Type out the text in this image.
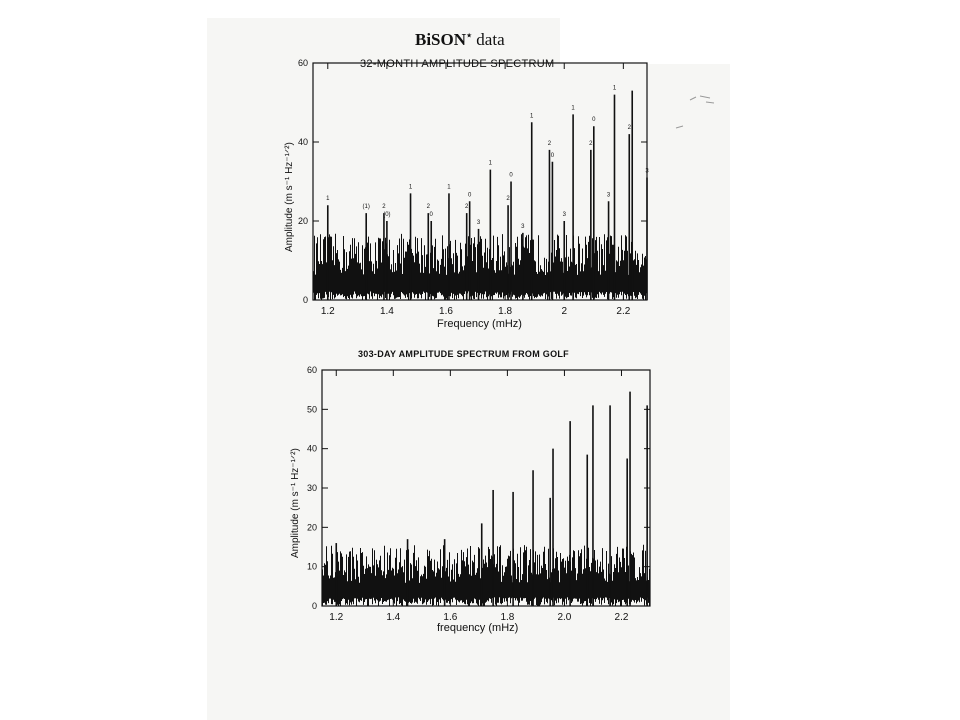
BiSON⋆ data
32-MONTH AMPLITUDE SPECTRUM
Frequency (mHz)
Amplitude (m s⁻¹ Hz⁻¹ᐟ²)
303-DAY AMPLITUDE SPECTRUM FROM GOLF
frequency (mHz)
Amplitude (m s⁻¹ Hz⁻¹ᐟ²)
1
(1) 2
(0)
1
2
0
1
2
0
3
1
2
0
3
1
2
0
3
1
2
0
3
1
2
3
0
20
40
60
1.2	1.4	1.6	1.8	2	2.2
0
10
20
30
40
50
60
1.2	1.4	1.6	1.8	2.0	2.2
